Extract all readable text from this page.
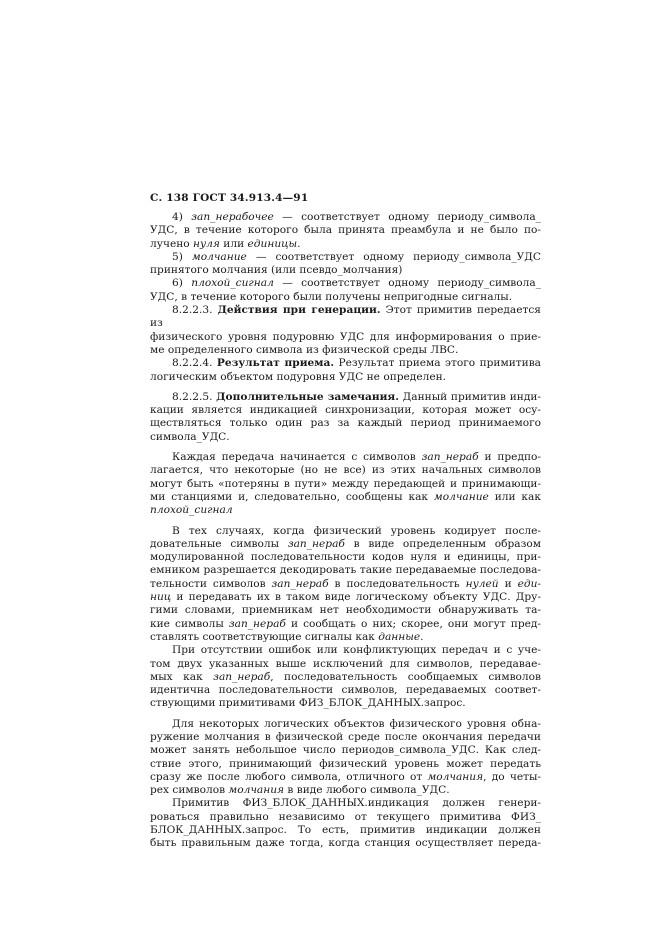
С. 138 ГОСТ 34.913.4—91
4) зап_нерабочее — соответствует одному периоду_символа_
УДС, в течение которого была принята преамбула и не было по-
лучено нуля или единицы.
5) молчание — соответствует одному периоду_символа_УДС
принятого молчания (или псевдо_молчания)
6) плохой_сигнал — соответствует одному периоду_символа_
УДС, в течение которого были получены непригодные сигналы.
8.2.2.3. Действия при генерации. Этот примитив передается из
физического уровня подуровню УДС для информирования о прие-
ме определенного символа из физической среды ЛВС.
8.2.2.4. Результат приема. Результат приема этого примитива
логическим объектом подуровня УДС не определен.
8.2.2.5. Дополнительные замечания. Данный примитив инди-
кации является индикацией синхронизации, которая может осу-
ществляться только один раз за каждый период принимаемого
символа_УДС.
Каждая передача начинается с символов зап_нераб и предпо-
лагается, что некоторые (но не все) из этих начальных символов
могут быть «потеряны в пути» между передающей и принимающи-
ми станциями и, следовательно, сообщены как молчание или как
плохой_сигнал
В тех случаях, когда физический уровень кодирует после-
довательные символы зап_нераб в виде определенным образом
модулированной последовательности кодов нуля и единицы, при-
емником разрешается декодировать такие передаваемые последова-
тельности символов зап_нераб в последовательность нулей и еди-
ниц и передавать их в таком виде логическому объекту УДС. Дру-
гими словами, приемникам нет необходимости обнаруживать та-
кие символы зап_нераб и сообщать о них; скорее, они могут пред-
ставлять соответствующие сигналы как данные.
При отсутствии ошибок или конфликтующих передач и с уче-
том двух указанных выше исключений для символов, передавае-
мых как зап_нераб, последовательность сообщаемых символов
идентична последовательности символов, передаваемых соответ-
ствующими примитивами ФИЗ_БЛОК_ДАННЫХ.запрос.
Для некоторых логических объектов физического уровня обна-
ружение молчания в физической среде после окончания передачи
может занять небольшое число периодов_символа_УДС. Как след-
ствие этого, принимающий физический уровень может передать
сразу же после любого символа, отличного от молчания, до четы-
рех символов молчания в виде любого символа_УДС.
Примитив ФИЗ_БЛОК_ДАННЫХ.индикация должен генери-
роваться правильно независимо от текущего примитива ФИЗ_
БЛОК_ДАННЫХ.запрос. То есть, примитив индикации должен
быть правильным даже тогда, когда станция осуществляет переда-
